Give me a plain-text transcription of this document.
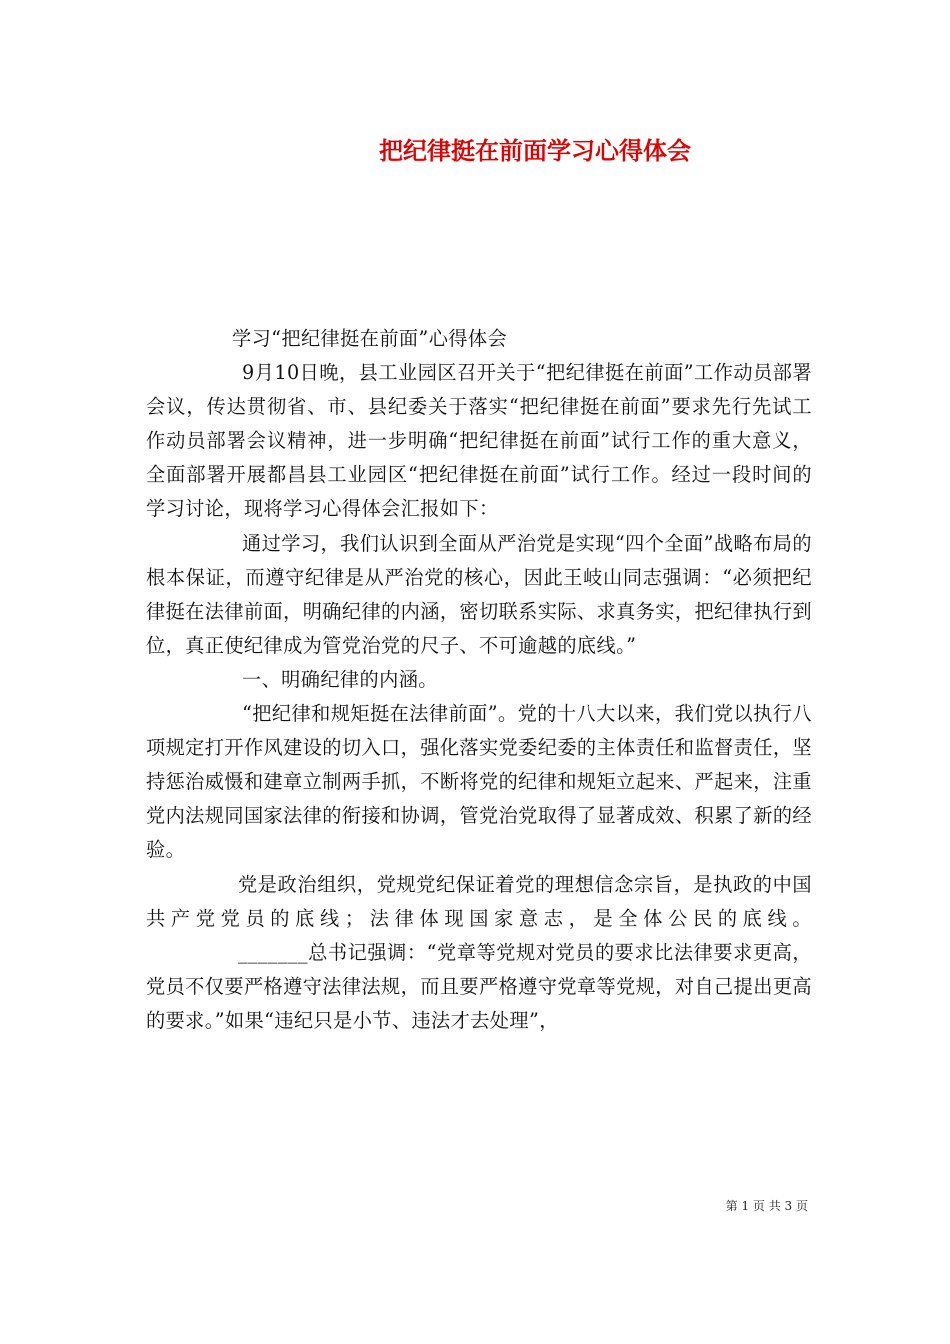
把纪律挺在前面学习心得体会

学习“把纪律挺在前面”心得体会

9月10日晚，县工业园区召开关于“把纪律挺在前面”工作动员部署会议，传达贯彻省、市、县纪委关于落实“把纪律挺在前面”要求先行先试工作动员部署会议精神，进一步明确“把纪律挺在前面”试行工作的重大意义，全面部署开展都昌县工业园区“把纪律挺在前面”试行工作。经过一段时间的学习讨论，现将学习心得体会汇报如下：

通过学习，我们认识到全面从严治党是实现“四个全面”战略布局的根本保证，而遵守纪律是从严治党的核心，因此王岐山同志强调：“必须把纪律挺在法律前面，明确纪律的内涵，密切联系实际、求真务实，把纪律执行到位，真正使纪律成为管党治党的尺子、不可逾越的底线。”

一、明确纪律的内涵。

“把纪律和规矩挺在法律前面”。党的十八大以来，我们党以执行八项规定打开作风建设的切入口，强化落实党委纪委的主体责任和监督责任，坚持惩治威慑和建章立制两手抓，不断将党的纪律和规矩立起来、严起来，注重党内法规同国家法律的衔接和协调，管党治党取得了显著成效、积累了新的经验。

党是政治组织，党规党纪保证着党的理想信念宗旨，是执政的中国共产党党员的底线；法律体现国家意志，是全体公民的底线。_______总书记强调：“党章等党规对党员的要求比法律要求更高，党员不仅要严格遵守法律法规，而且要严格遵守党章等党规，对自己提出更高的要求。”如果“违纪只是小节、违法才去处理”，

第 1 页 共 3 页
